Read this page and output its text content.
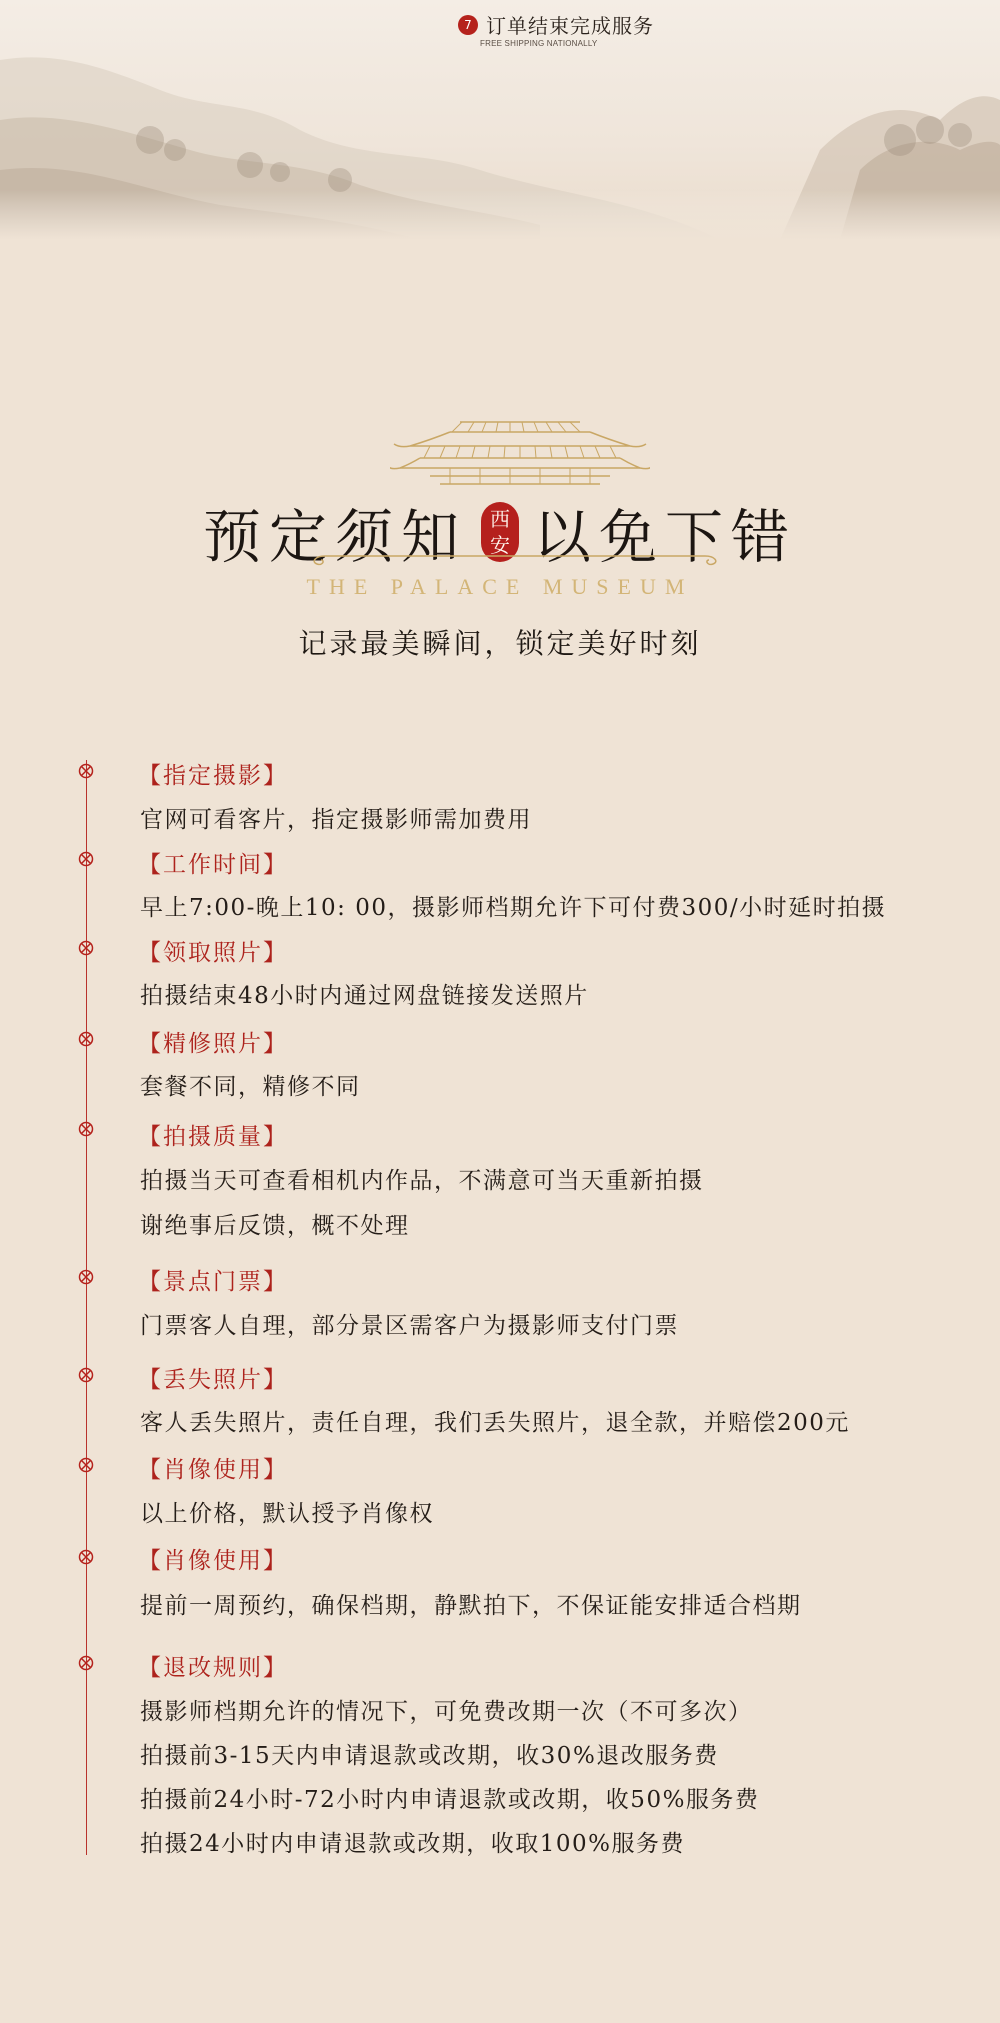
7 订单结束完成服务
FREE SHIPPING NATIONALLY
预定须知 西安 以免下错
THE PALACE MUSEUM
记录最美瞬间，锁定美好时刻
【指定摄影】
官网可看客片，指定摄影师需加费用
【工作时间】
早上7:00-晚上10: 00，摄影师档期允许下可付费300/小时延时拍摄
【领取照片】
拍摄结束48小时内通过网盘链接发送照片
【精修照片】
套餐不同，精修不同
【拍摄质量】
拍摄当天可查看相机内作品，不满意可当天重新拍摄
谢绝事后反馈，概不处理
【景点门票】
门票客人自理，部分景区需客户为摄影师支付门票
【丢失照片】
客人丢失照片，责任自理，我们丢失照片，退全款，并赔偿200元
【肖像使用】
以上价格，默认授予肖像权
【肖像使用】
提前一周预约，确保档期，静默拍下，不保证能安排适合档期
【退改规则】
摄影师档期允许的情况下，可免费改期一次（不可多次）
拍摄前3-15天内申请退款或改期，收30%退改服务费
拍摄前24小时-72小时内申请退款或改期，收50%服务费
拍摄24小时内申请退款或改期，收取100%服务费
